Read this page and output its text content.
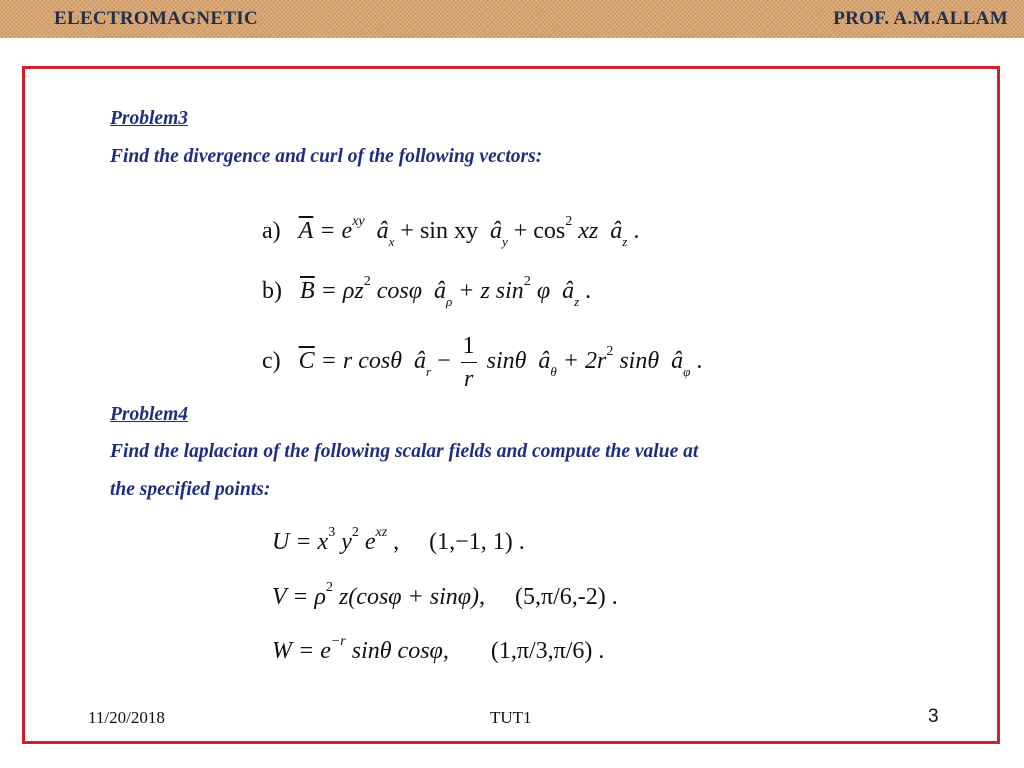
ELECTROMAGNETIC	PROF. A.M.ALLAM
Problem3
Find the divergence and curl of the following vectors:
a) $\overline{A} = e^{xy}$ $â_x + \sin$ xy $â_y + \cos^2$ xz $â_z$ .
b) $\overline{B} = \rho z^2$ cosφ $â_\rho + z$ $\sin^2 \varphi$ $â_z$ .
c) $\overline{C} = r$ cosθ $â_r - \frac{1}{r}$ sinθ $â_\theta + 2r^2$ sinθ $â_\varphi$ .
Problem4
Find the laplacian of the following scalar fields and compute the value at
the specified points:
$U = x^3$ $y^2$ $e^{xz}$ ,     (1,−1, 1) .
$V = \rho^2$ z(cosφ + sinφ), (5,π/6,-2) .
$W = e^{-r}$ sinθ cosφ, (1,π/3,π/6) .
11/20/2018	TUT1	3
